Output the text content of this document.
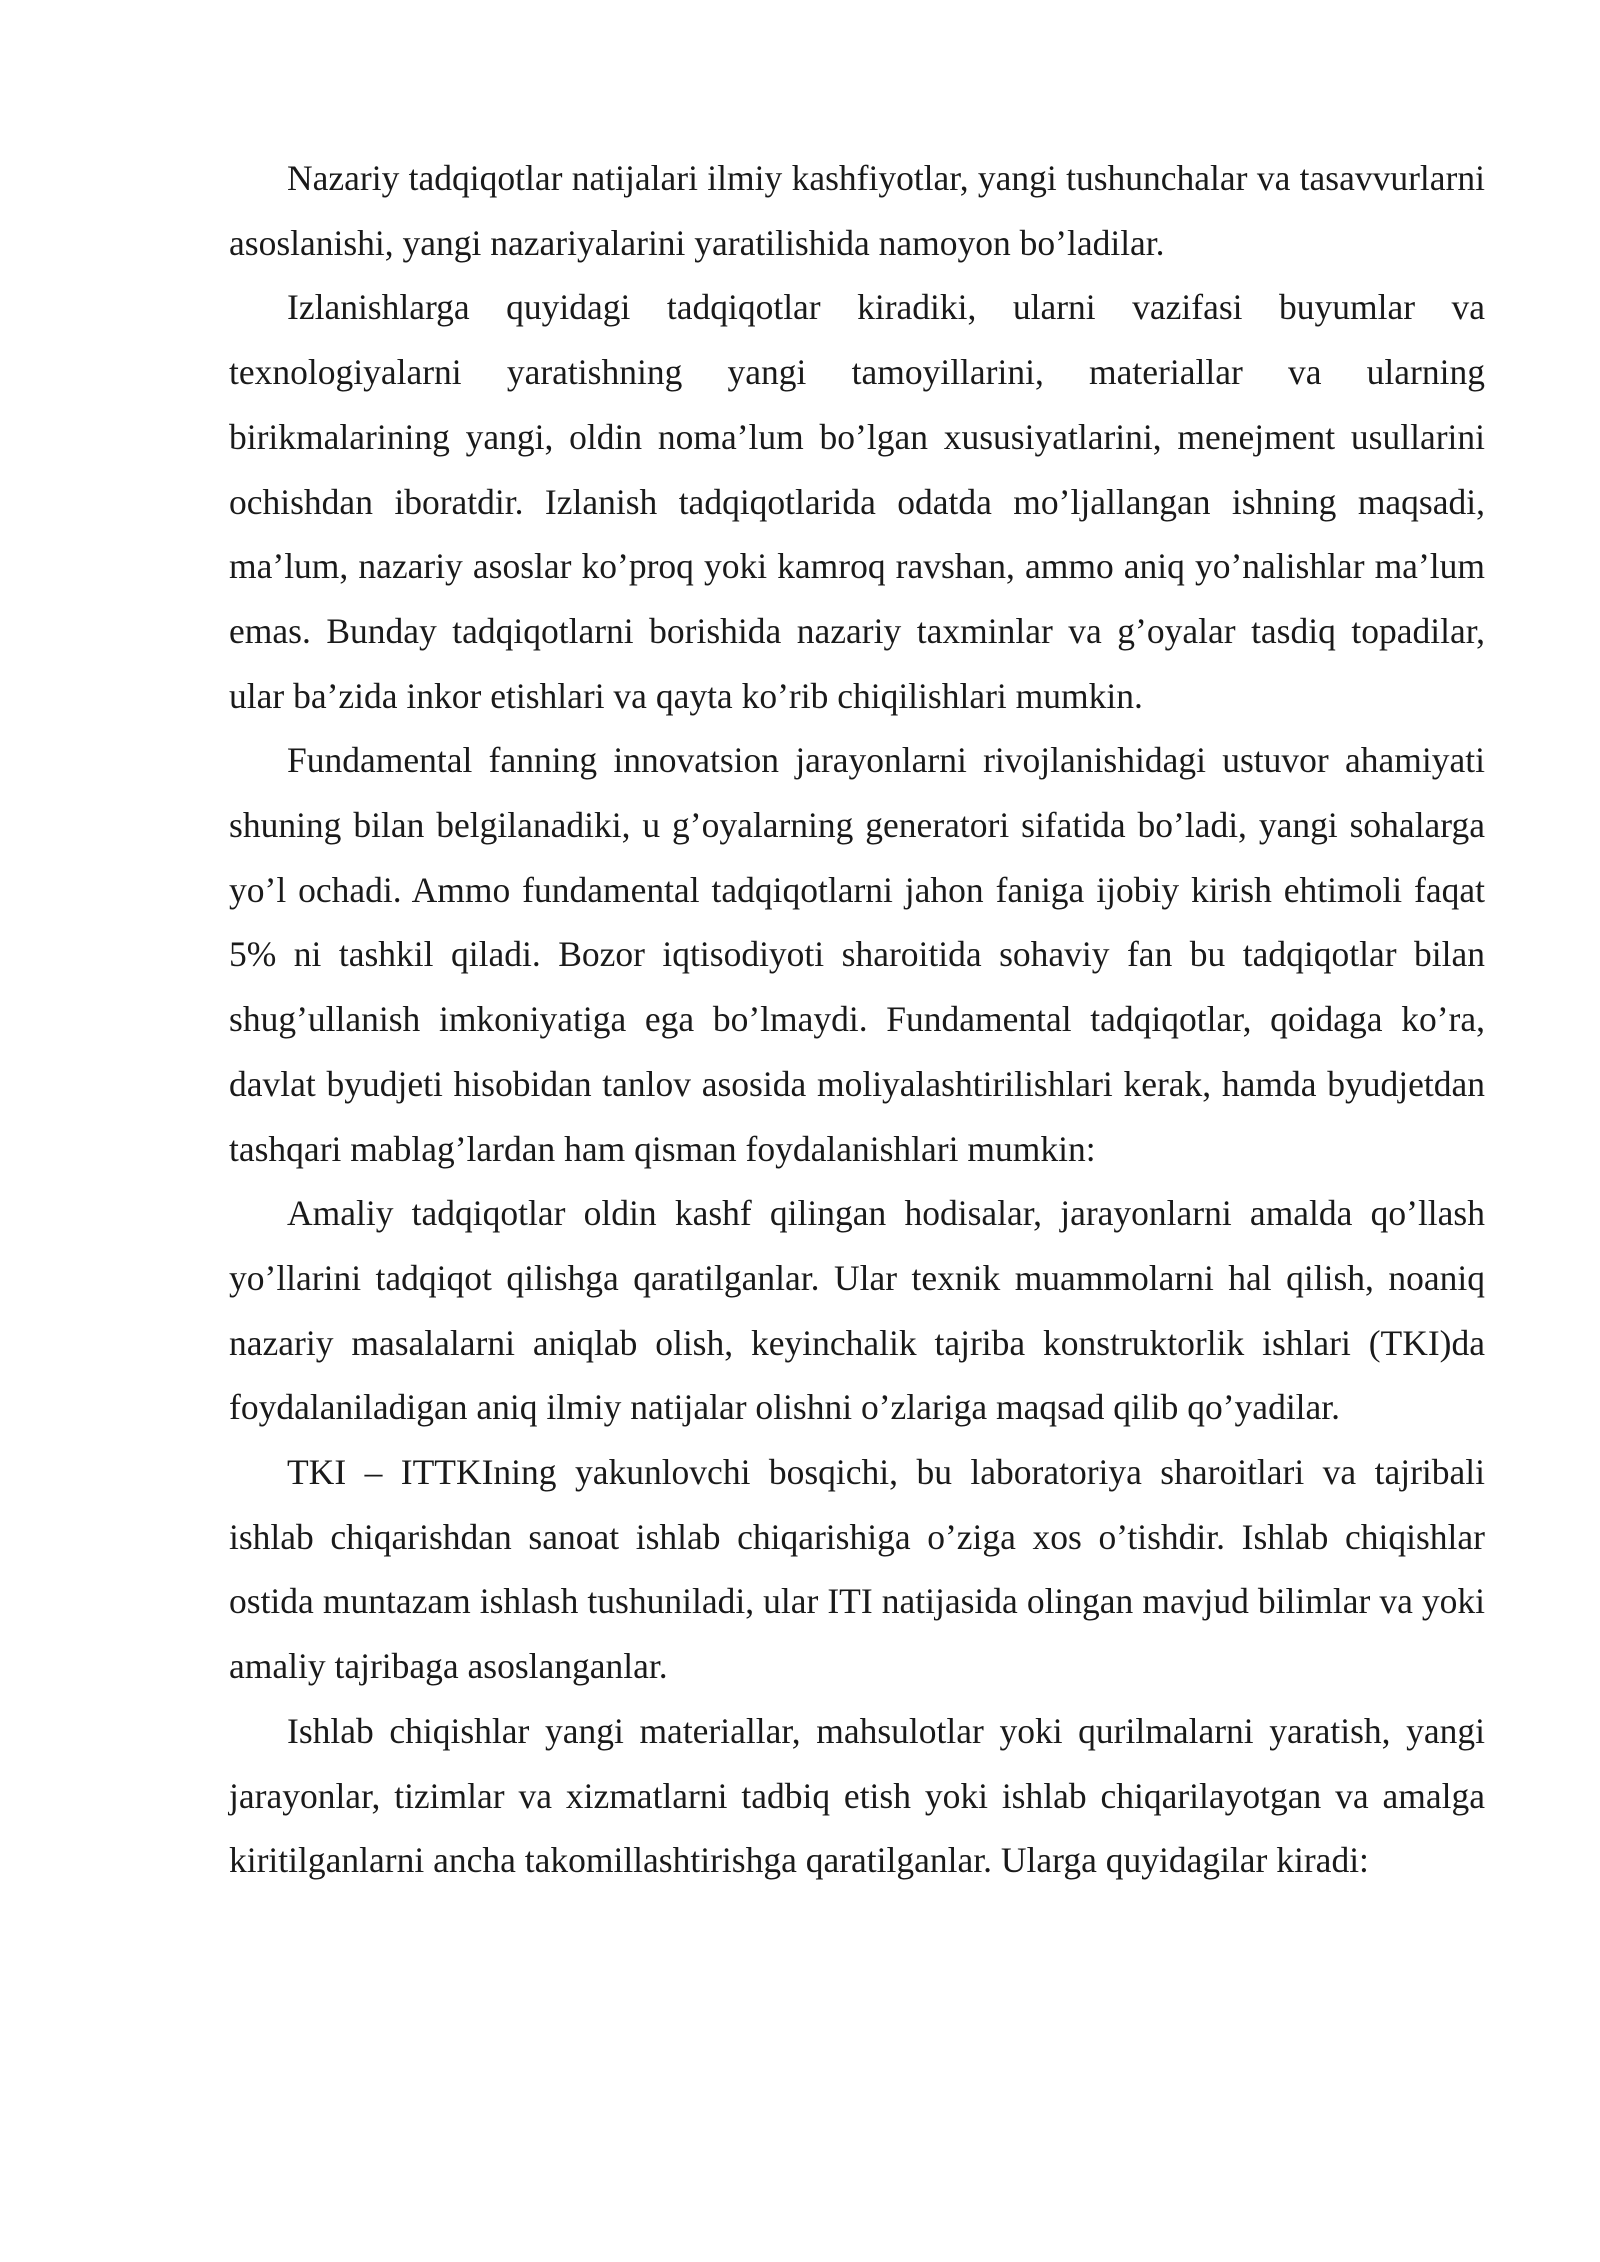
Nazariy tadqiqotlar natijalari ilmiy kashfiyotlar, yangi tushunchalar va tasavvurlarni asoslanishi, yangi nazariyalarini yaratilishida namoyon bo’ladilar.

Izlanishlarga quyidagi tadqiqotlar kiradiki, ularni vazifasi buyumlar va texnologiyalarni yaratishning yangi tamoyillarini, materiallar va ularning birikmalarining yangi, oldin noma’lum bo’lgan xususiyatlarini, menejment usullarini ochishdan iboratdir. Izlanish tadqiqotlarida odatda mo’ljallangan ishning maqsadi, ma’lum, nazariy asoslar ko’proq yoki kamroq ravshan, ammo aniq yo’nalishlar ma’lum emas. Bunday tadqiqotlarni borishida nazariy taxminlar va g’oyalar tasdiq topadilar, ular ba’zida inkor etishlari va qayta ko’rib chiqilishlari mumkin.

Fundamental fanning innovatsion jarayonlarni rivojlanishidagi ustuvor ahamiyati shuning bilan belgilanadiki, u g’oyalarning generatori sifatida bo’ladi, yangi sohalarga yo’l ochadi. Ammo fundamental tadqiqotlarni jahon faniga ijobiy kirish ehtimoli faqat 5% ni tashkil qiladi. Bozor iqtisodiyoti sharoitida sohaviy fan bu tadqiqotlar bilan shug’ullanish imkoniyatiga ega bo’lmaydi. Fundamental tadqiqotlar, qoidaga ko’ra, davlat byudjeti hisobidan tanlov asosida moliyalashtirilishlari kerak, hamda byudjetdan tashqari mablag’lardan ham qisman foydalanishlari mumkin:

Amaliy tadqiqotlar oldin kashf qilingan hodisalar, jarayonlarni amalda qo’llash yo’llarini tadqiqot qilishga qaratilganlar. Ular texnik muammolarni hal qilish, noaniq nazariy masalalarni aniqlab olish, keyinchalik tajriba konstruktorlik ishlari (TKI)da foydalaniladigan aniq ilmiy natijalar olishni o’zlariga maqsad qilib qo’yadilar.

TKI – ITTKIning yakunlovchi bosqichi, bu laboratoriya sharoitlari va tajribali ishlab chiqarishdan sanoat ishlab chiqarishiga o’ziga xos o’tishdir. Ishlab chiqishlar ostida muntazam ishlash tushuniladi, ular ITI natijasida olingan mavjud bilimlar va yoki amaliy tajribaga asoslanganlar.

Ishlab chiqishlar yangi materiallar, mahsulotlar yoki qurilmalarni yaratish, yangi jarayonlar, tizimlar va xizmatlarni tadbiq etish yoki ishlab chiqarilayotgan va amalga kiritilganlarni ancha takomillashtirishga qaratilganlar. Ularga quyidagilar kiradi:
